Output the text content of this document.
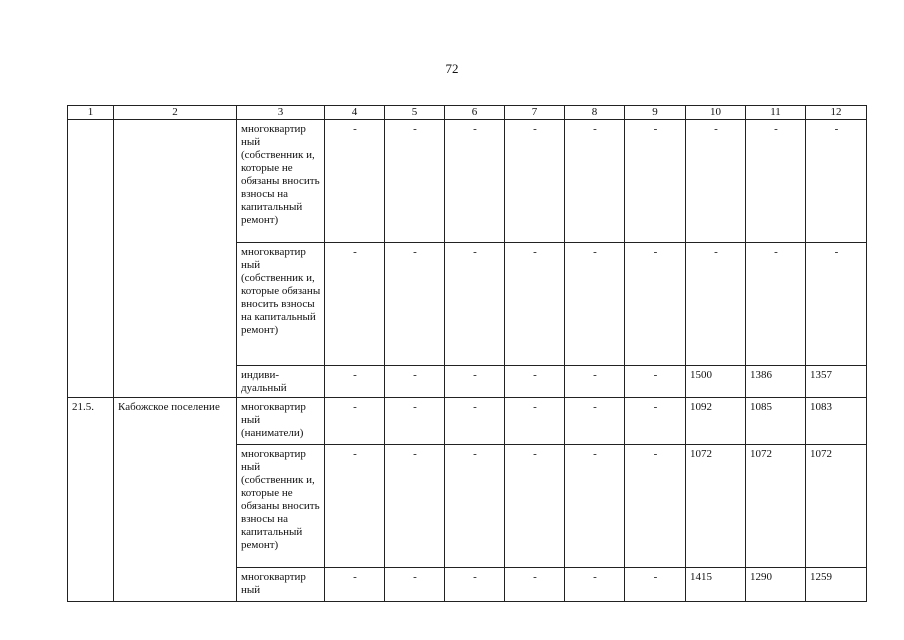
72
1	2	3	4	5	6	7	8	9	10	11	12
		многоквартир ный (собственник и, которые не обязаны вносить взносы на капитальный ремонт)	-	-	-	-	-	-	-	-	-
		многоквартир ный (собственник и, которые обязаны вносить взносы на капитальный ремонт)	-	-	-	-	-	-	-	-	-
		индиви- дуальный	-	-	-	-	-	-	1500	1386	1357
21.5.	Кабожское поселение	многоквартир ный (наниматели)	-	-	-	-	-	-	1092	1085	1083
		многоквартир ный (собственник и, которые не обязаны вносить взносы на капитальный ремонт)	-	-	-	-	-	-	1072	1072	1072
		многоквартир ный	-	-	-	-	-	-	1415	1290	1259
